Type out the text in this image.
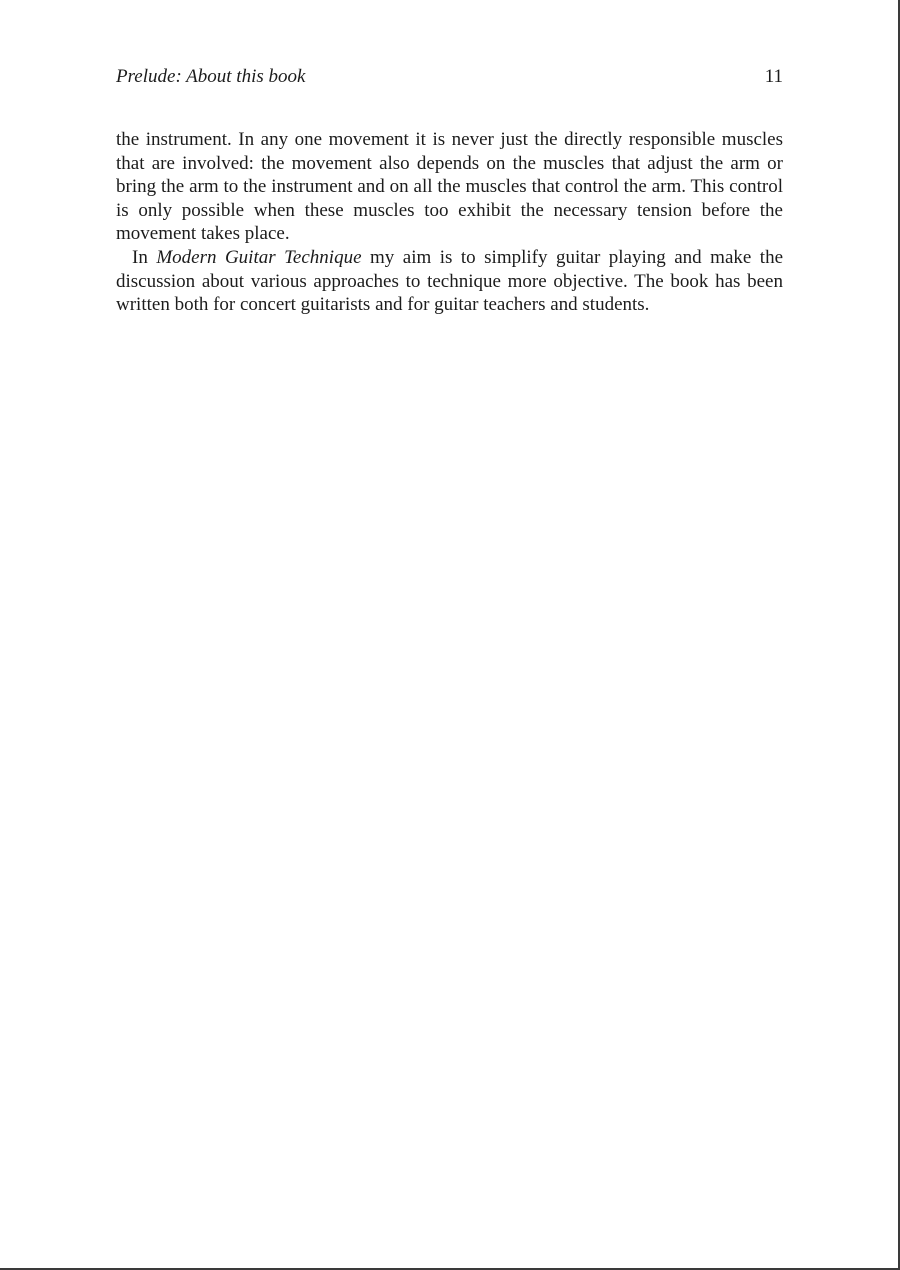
Prelude: About this book	11

the instrument. In any one movement it is never just the directly responsible muscles that are involved: the movement also depends on the muscles that adjust the arm or bring the arm to the instrument and on all the muscles that control the arm. This control is only possible when these muscles too exhibit the necessary tension before the movement takes place.

In Modern Guitar Technique my aim is to simplify guitar playing and make the discussion about various approaches to technique more objective. The book has been written both for concert guitarists and for guitar teachers and students.
